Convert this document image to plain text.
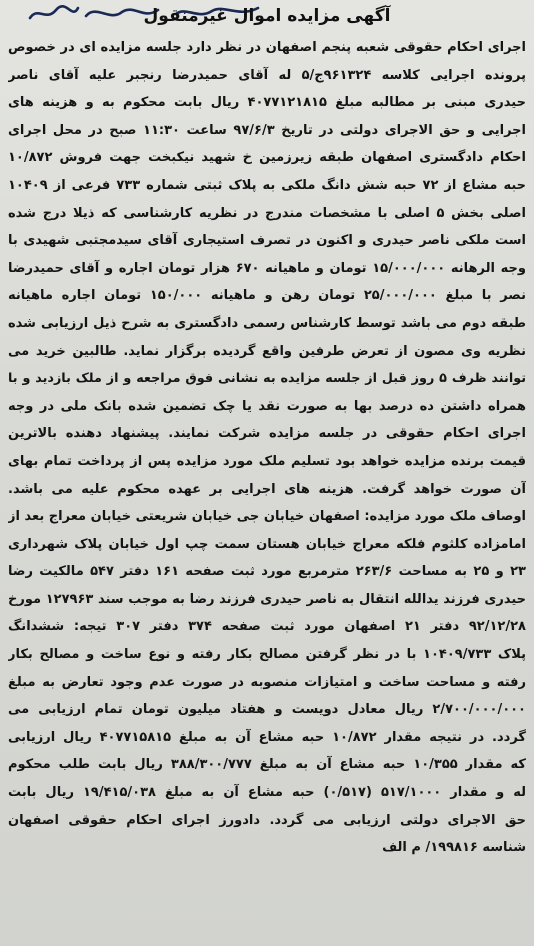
آگهی مزایده اموال غیرمنقول
اجرای احکام حقوقی شعبه پنجم اصفهان در نظر دارد جلسه مزایده ای در خصوص
پرونده اجرایی کلاسه ۹۶۱۳۲۴ج/۵ له آقای حمیدرضا رنجبر علیه آقای ناصر
حیدری مبنی بر مطالبه مبلغ ۴۰۷۷۱۲۱۸۱۵ ریال بابت محکوم به و هزینه های
اجرایی و حق الاجرای دولتی در تاریخ ۹۷/۶/۳ ساعت ۱۱:۳۰ صبح در محل اجرای
احکام دادگستری اصفهان طبقه زیرزمین خ شهید نیکبخت جهت فروش ۱۰/۸۷۲
حبه مشاع از ۷۲ حبه شش دانگ ملکی به پلاک ثبتی شماره ۷۳۳ فرعی از ۱۰۴۰۹
اصلی بخش ۵ اصلی با مشخصات مندرج در نظریه کارشناسی که ذیلا درج شده
است ملکی ناصر حیدری و اکنون در تصرف استیجاری آقای سیدمجتبی شهیدی با
وجه الرهانه ۱۵/۰۰۰/۰۰۰ تومان و ماهیانه ۶۷۰ هزار تومان اجاره و آقای حمیدرضا
نصر با مبلغ ۲۵/۰۰۰/۰۰۰ تومان رهن و ماهیانه ۱۵۰/۰۰۰ تومان اجاره ماهیانه
طبقه دوم می باشد توسط کارشناس رسمی دادگستری به شرح ذیل ارزیابی شده
نظریه وی مصون از تعرض طرفین واقع گردیده برگزار نماید. طالبین خرید می
توانند ظرف ۵ روز قبل از جلسه مزایده به نشانی فوق مراجعه و از ملک بازدید و با
همراه داشتن ده درصد بها به صورت نقد یا چک تضمین شده بانک ملی در وجه
اجرای احکام حقوقی در جلسه مزایده شرکت نمایند. پیشنهاد دهنده بالاترین
قیمت برنده مزایده خواهد بود تسلیم ملک مورد مزایده پس از پرداخت تمام بهای
آن صورت خواهد گرفت. هزینه های اجرایی بر عهده محکوم علیه می باشد.
اوصاف ملک مورد مزایده: اصفهان خیابان جی خیابان شریعتی خیابان معراج بعد از
امامزاده کلثوم فلکه معراج خیابان هستان سمت چپ اول خیابان پلاک شهرداری
۲۳ و ۲۵ به مساحت ۲۶۳/۶ مترمربع مورد ثبت صفحه ۱۶۱ دفتر ۵۴۷ مالکیت رضا
حیدری فرزند یدالله انتقال به ناصر حیدری فرزند رضا به موجب سند ۱۲۷۹۶۳ مورخ
۹۲/۱۲/۲۸ دفتر ۲۱ اصفهان مورد ثبت صفحه ۳۷۴ دفتر ۳۰۷ تیجه: ششدانگ
پلاک ۱۰۴۰۹/۷۳۳ با در نظر گرفتن مصالح بکار رفته و نوع ساخت و مصالح بکار
رفته و مساحت ساخت و امتیازات منصوبه در صورت عدم وجود تعارض به مبلغ
۲/۷۰۰/۰۰۰/۰۰۰ ریال معادل دویست و هفتاد میلیون تومان تمام ارزیابی می
گردد. در نتیجه مقدار ۱۰/۸۷۲ حبه مشاع آن به مبلغ ۴۰۷۷۱۵۸۱۵ ریال ارزیابی
که مقدار ۱۰/۳۵۵ حبه مشاع آن به مبلغ ۳۸۸/۳۰۰/۷۷۷ ریال بابت طلب محکوم
له و مقدار ۵۱۷/۱۰۰۰ (۰/۵۱۷) حبه مشاع آن به مبلغ ۱۹/۴۱۵/۰۳۸ ریال بابت
حق الاجرای دولتی ارزیابی می گردد. دادورز اجرای احکام حقوقی اصفهان
شناسه ۱۹۹۸۱۶/ م الف
